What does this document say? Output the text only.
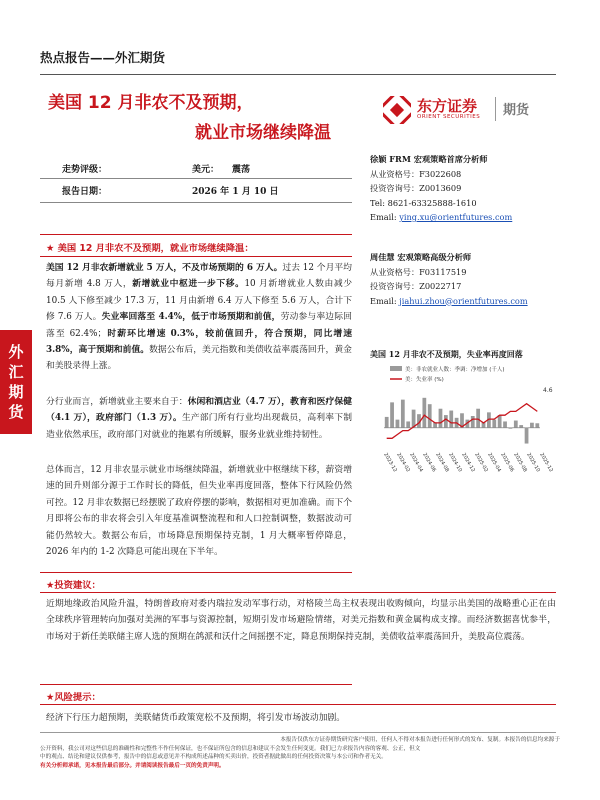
热点报告——外汇期货
美国 12 月非农不及预期，
就业市场继续降温
东方证券
ORIENT SECURITIES 期货
走势评级：	美元： 震荡
报告日期：	2026 年 1 月 10 日
徐颖 FRM 宏观策略首席分析师
从业资格号：F3022608
投资咨询号：Z0013609
Tel: 8621-63325888-1610
Email: ying.xu@orientfutures.com
周佳慧 宏观策略高级分析师
从业资格号：F03117519
投资咨询号：Z0022717
Email: jiahui.zhou@orientfutures.com
外
汇
期
货
★ 美国 12 月非农不及预期，就业市场继续降温：
美国 12 月非农新增就业 5 万人，不及市场预期的 6 万人。过去 12 个月平均每月新增 4.8 万人，新增就业中枢进一步下移。10 月新增就业人数由减少 10.5 人下修至减少 17.3 万，11 月由新增 6.4 万人下修至 5.6 万人，合计下修 7.6 万人。失业率回落至 4.4%，低于市场预期和前值，劳动参与率边际回落至 62.4%；时薪环比增速 0.3%，较前值回升，符合预期，同比增速 3.8%，高于预期和前值。数据公布后，美元指数和美债收益率震荡回升，黄金和美股录得上涨。
分行业而言，新增就业主要来自于：休闲和酒店业（4.7 万），教育和医疗保健（4.1 万），政府部门（1.3 万）。生产部门所有行业均出现裁员，高利率下制造业依然承压，政府部门对就业的拖累有所缓解，服务业就业维持韧性。
总体而言，12 月非农显示就业市场继续降温，新增就业中枢继续下移，薪资增速的回升则部分源于工作时长的降低，但失业率再度回落，整体下行风险仍然可控。12 月非农数据已经摆脱了政府停摆的影响，数据相对更加准确。而下个月即将公布的非农将会引入年度基准调整流程和和人口控制调整，数据波动可能仍然较大。数据公布后，市场降息预期保持克制，1 月大概率暂停降息，2026 年内的 1-2 次降息可能出现在下半年。
美国 12 月非农不及预期，失业率再度回落
美：非农就业人数：季调：净增加 (千人)
美：失业率 (%)
4.6
2023-12
2024-02
2024-04
2024-06
2024-08
2024-10
2024-12
2025-02
2025-04
2025-06
2025-08
2025-10
2025-12
★投资建议：
近期地缘政治风险升温，特朗普政府对委内瑞拉发动军事行动，对格陵兰岛主权表现出收购倾向，均显示出美国的战略重心正在由全球秩序管理转向加强对美洲的军事与资源控制，短期引发市场避险情绪，对美元指数和黄金属构成支撑。而经济数据喜忧参半，市场对于新任美联储主席人选的预期在鸽派和沃什之间摇摆不定，降息预期保持克制，美债收益率震荡回升，美股高位震荡。
★风险提示：
经济下行压力超预期，美联储货币政策宽松不及预期，将引发市场波动加剧。
本报告仅供东方证券期货研究客户使用，任何人不得对本报告进行任何形式的发布、复制。本报告的信息均来源于
公开资料，我公司对这些信息的准确性和完整性不作任何保证，也不保证所包含的信息和建议不会发生任何变更。我们已力求报告内容的客观、公正，但文
中的观点、结论和建议仅供参考，报告中的信息或意见并不构成所述品种的买卖出价，投资者据此做出的任何投资决策与本公司和作者无关。
有关分析师承诺，见本报告最后部分。并请阅读报告最后一页的免责声明。
